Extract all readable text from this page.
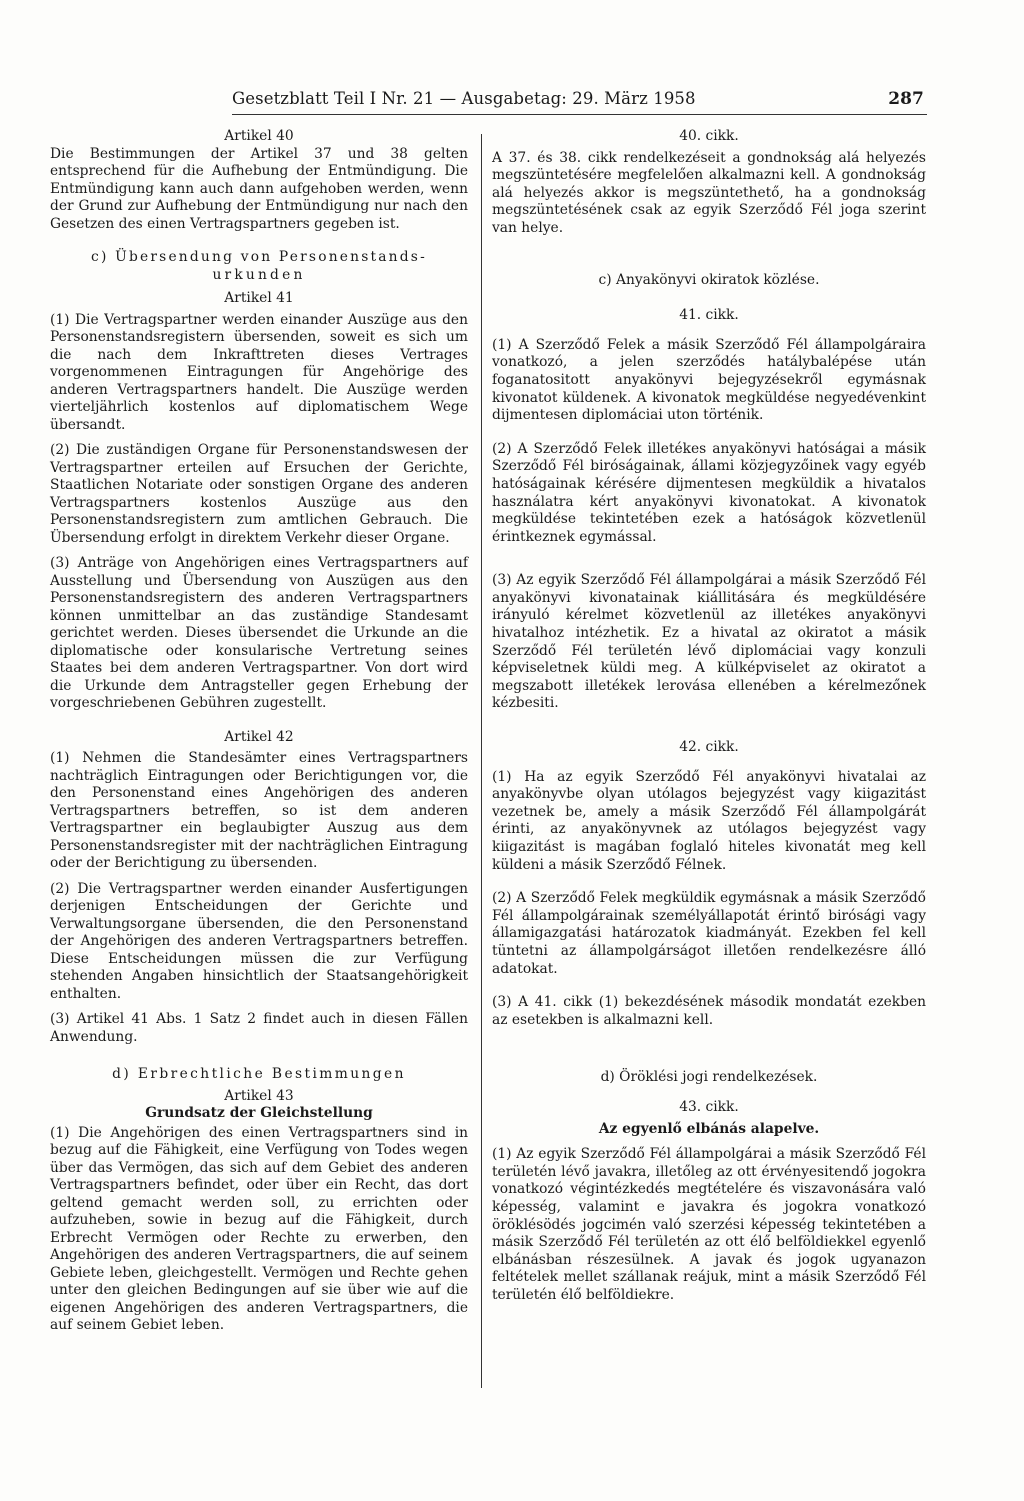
Gesetzblatt Teil I Nr. 21 — Ausgabetag: 29. März 1958	287

Artikel 40

Die Bestimmungen der Artikel 37 und 38 gelten entsprechend für die Aufhebung der Entmündigung. Die Entmündigung kann auch dann aufgehoben werden, wenn der Grund zur Aufhebung der Entmündigung nur nach den Gesetzen des einen Vertragspartners gegeben ist.

c) Übersendung von Personenstands-

urkunden

Artikel 41

(1) Die Vertragspartner werden einander Auszüge aus den Personenstandsregistern übersenden, soweit es sich um die nach dem Inkrafttreten dieses Vertrages vorgenommenen Eintragungen für Angehörige des anderen Vertragspartners handelt. Die Auszüge werden vierteljährlich kostenlos auf diplomatischem Wege übersandt.

(2) Die zuständigen Organe für Personenstandswesen der Vertragspartner erteilen auf Ersuchen der Gerichte, Staatlichen Notariate oder sonstigen Organe des anderen Vertragspartners kostenlos Auszüge aus den Personenstandsregistern zum amtlichen Gebrauch. Die Übersendung erfolgt in direktem Verkehr dieser Organe.

(3) Anträge von Angehörigen eines Vertragspartners auf Ausstellung und Übersendung von Auszügen aus den Personenstandsregistern des anderen Vertragspartners können unmittelbar an das zuständige Standesamt gerichtet werden. Dieses übersendet die Urkunde an die diplomatische oder konsularische Vertretung seines Staates bei dem anderen Vertragspartner. Von dort wird die Urkunde dem Antragsteller gegen Erhebung der vorgeschriebenen Gebühren zugestellt.

Artikel 42

(1) Nehmen die Standesämter eines Vertragspartners nachträglich Eintragungen oder Berichtigungen vor, die den Personenstand eines Angehörigen des anderen Vertragspartners betreffen, so ist dem anderen Vertragspartner ein beglaubigter Auszug aus dem Personenstandsregister mit der nachträglichen Eintragung oder der Berichtigung zu übersenden.

(2) Die Vertragspartner werden einander Ausfertigungen derjenigen Entscheidungen der Gerichte und Verwaltungsorgane übersenden, die den Personenstand der Angehörigen des anderen Vertragspartners betreffen. Diese Entscheidungen müssen die zur Verfügung stehenden Angaben hinsichtlich der Staatsangehörigkeit enthalten.

(3) Artikel 41 Abs. 1 Satz 2 findet auch in diesen Fällen Anwendung.

d) Erbrechtliche Bestimmungen

Artikel 43

Grundsatz der Gleichstellung

(1) Die Angehörigen des einen Vertragspartners sind in bezug auf die Fähigkeit, eine Verfügung von Todes wegen über das Vermögen, das sich auf dem Gebiet des anderen Vertragspartners befindet, oder über ein Recht, das dort geltend gemacht werden soll, zu errichten oder aufzuheben, sowie in bezug auf die Fähigkeit, durch Erbrecht Vermögen oder Rechte zu erwerben, den Angehörigen des anderen Vertragspartners, die auf seinem Gebiete leben, gleichgestellt. Vermögen und Rechte gehen unter den gleichen Bedingungen auf sie über wie auf die eigenen Angehörigen des anderen Vertragspartners, die auf seinem Gebiet leben.

40. cikk.

A 37. és 38. cikk rendelkezéseit a gondnokság alá helyezés megszüntetésére megfelelően alkalmazni kell. A gondnokság alá helyezés akkor is megszüntethető, ha a gondnokság megszüntetésének csak az egyik Szerződő Fél joga szerint van helye.

c) Anyakönyvi okiratok közlése.

41. cikk.

(1) A Szerződő Felek a másik Szerződő Fél állampolgáraira vonatkozó, a jelen szerződés hatálybalépése után foganatositott anyakönyvi bejegyzésekről egymásnak kivonatot küldenek. A kivonatok megküldése negyedévenkint dijmentesen diplomáciai uton történik.

(2) A Szerződő Felek illetékes anyakönyvi hatóságai a másik Szerződő Fél biróságainak, állami közjegyzőinek vagy egyéb hatóságainak kérésére dijmentesen megküldik a hivatalos használatra kért anyakönyvi kivonatokat. A kivonatok megküldése tekintetében ezek a hatóságok közvetlenül érintkeznek egymással.

(3) Az egyik Szerződő Fél állampolgárai a másik Szerződő Fél anyakönyvi kivonatainak kiállitására és megküldésére irányuló kérelmet közvetlenül az illetékes anyakönyvi hivatalhoz intézhetik. Ez a hivatal az okiratot a másik Szerződő Fél területén lévő diplomáciai vagy konzuli képviseletnek küldi meg. A külképviselet az okiratot a megszabott illetékek lerovása ellenében a kérelmezőnek kézbesiti.

42. cikk.

(1) Ha az egyik Szerződő Fél anyakönyvi hivatalai az anyakönyvbe olyan utólagos bejegyzést vagy kiigazitást vezetnek be, amely a másik Szerződő Fél állampolgárát érinti, az anyakönyvnek az utólagos bejegyzést vagy kiigazitást is magában foglaló hiteles kivonatát meg kell küldeni a másik Szerződő Félnek.

(2) A Szerződő Felek megküldik egymásnak a másik Szerződő Fél állampolgárainak személyállapotát érintő birósági vagy államigazgatási határozatok kiadmányát. Ezekben fel kell tüntetni az állampolgárságot illetően rendelkezésre álló adatokat.

(3) A 41. cikk (1) bekezdésének második mondatát ezekben az esetekben is alkalmazni kell.

d) Öröklési jogi rendelkezések.

43. cikk.

Az egyenlő elbánás alapelve.

(1) Az egyik Szerződő Fél állampolgárai a másik Szerződő Fél területén lévő javakra, illetőleg az ott érvényesitendő jogokra vonatkozó végintézkedés megtételére és viszavonására való képesség, valamint e javakra és jogokra vonatkozó öröklésödés jogcimén való szerzési képesség tekintetében a másik Szerződő Fél területén az ott élő belföldiekkel egyenlő elbánásban részesülnek. A javak és jogok ugyanazon feltételek mellet szállanak reájuk, mint a másik Szerződő Fél területén élő belföldiekre.
